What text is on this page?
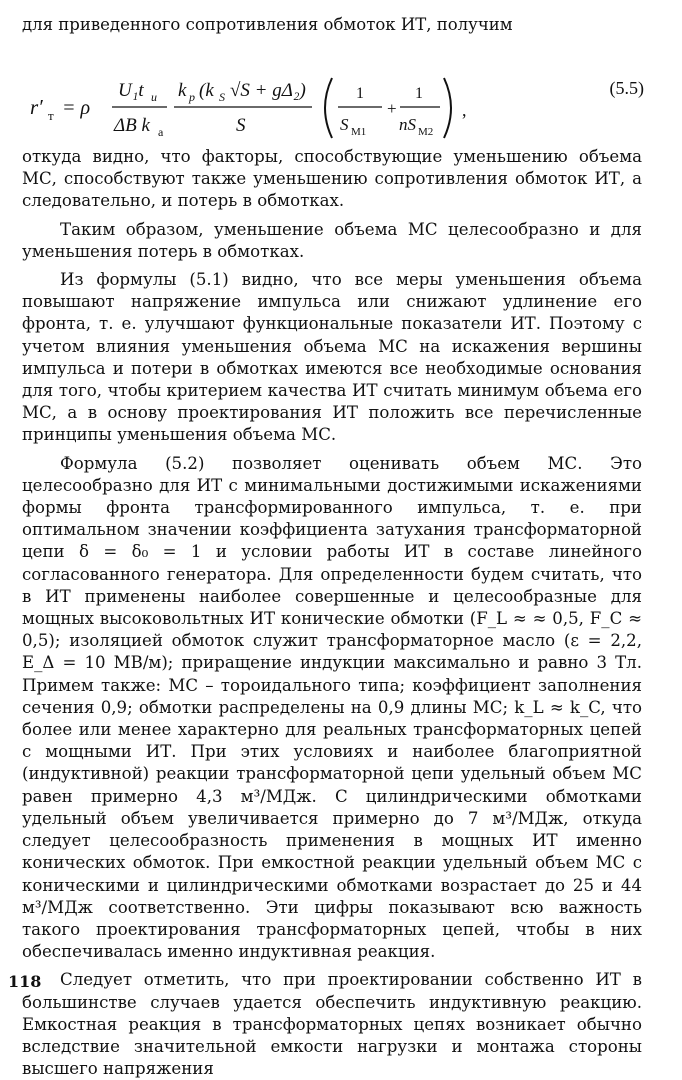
для приведенного сопротивления обмоток ИТ, получим

r′ т = ρ
U₁t и
ΔB k а
k p (k S √S + gΔ₂)
S
1
S М1
+
1
nS М2
,
(5.5)

откуда видно, что факторы, способствующие уменьшению объема МС, способствуют также уменьшению сопротивления обмоток ИТ, а следовательно, и потерь в обмотках.

Таким образом, уменьшение объема МС целесообразно и для уменьшения потерь в обмотках.

Из формулы (5.1) видно, что все меры уменьшения объема повышают напряжение импульса или снижают удлинение его фронта, т. е. улучшают функциональные показатели ИТ. Поэтому с учетом влияния уменьшения объема МС на искажения вершины импульса и потери в обмотках имеются все необходимые основания для того, чтобы критерием качества ИТ считать минимум объема его МС, а в основу проектирования ИТ положить все перечисленные принципы уменьшения объема МС.

Формула (5.2) позволяет оценивать объем МС. Это целесообразно для ИТ с минимальными достижимыми искажениями формы фронта трансформированного импульса, т. е. при оптимальном значении коэффициента затухания трансформаторной цепи δ = δ₀ = 1 и условии работы ИТ в составе линейного согласованного генератора. Для определенности будем считать, что в ИТ применены наиболее совершенные и целесообразные для мощных высоковольтных ИТ конические обмотки (F_L ≈ ≈ 0,5, F_C ≈ 0,5); изоляцией обмоток служит трансформаторное масло (ε = 2,2, E_Δ = 10 МВ/м); приращение индукции максимально и равно 3 Тл. Примем также: МС – тороидального типа; коэффициент заполнения сечения 0,9; обмотки распределены на 0,9 длины МС; k_L ≈ k_C, что более или менее характерно для реальных трансформаторных цепей с мощными ИТ. При этих условиях и наиболее благоприятной (индуктивной) реакции трансформаторной цепи удельный объем МС равен примерно 4,3 м³/МДж. С цилиндрическими обмотками удельный объем увеличивается примерно до 7 м³/МДж, откуда следует целесообразность применения в мощных ИТ именно конических обмоток. При емкостной реакции удельный объем МС с коническими и цилиндрическими обмотками возрастает до 25 и 44 м³/МДж соответственно. Эти цифры показывают всю важность такого проектирования трансформаторных цепей, чтобы в них обеспечивалась именно индуктивная реакция.

Следует отметить, что при проектировании собственно ИТ в большинстве случаев удается обеспечить индуктивную реакцию. Емкостная реакция в трансформаторных цепях возникает обычно вследствие значительной емкости нагрузки и монтажа стороны высшего напряжения

118
